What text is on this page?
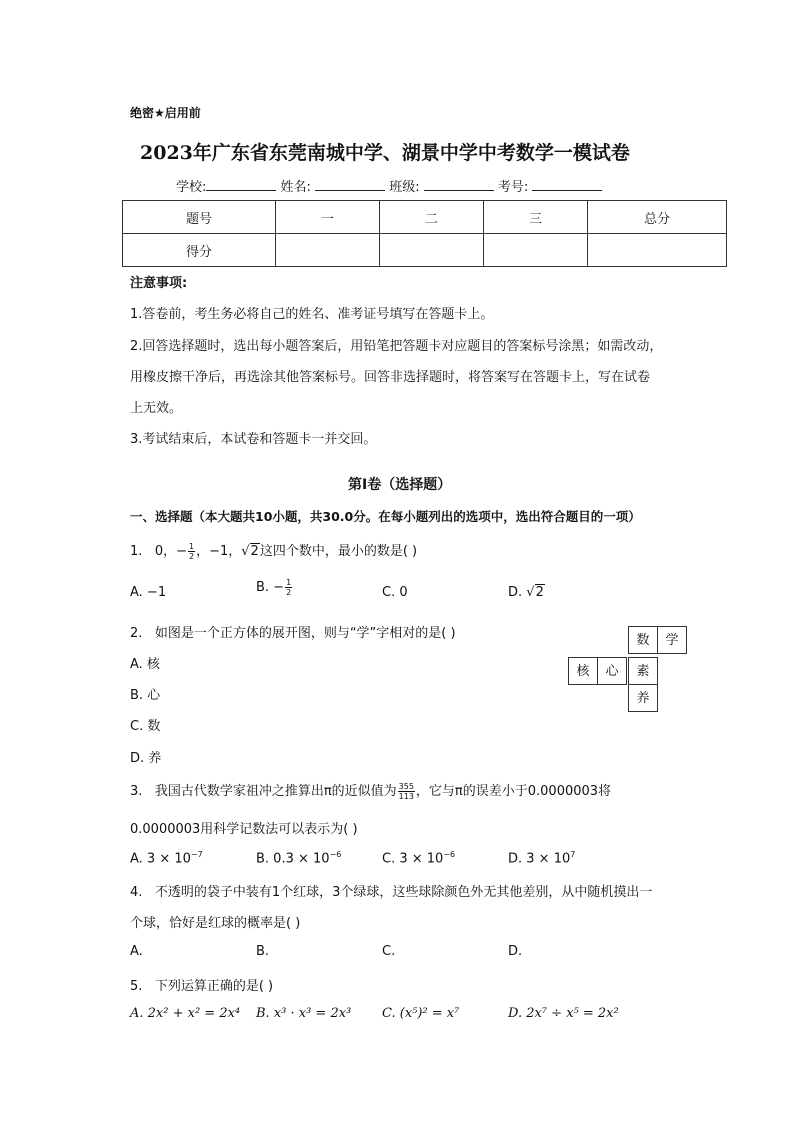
绝密★启用前
2023年广东省东莞南城中学、湖景中学中考数学一模试卷
学校:	姓名:	班级:	考号:
题号	一	二	三	总分
得分				
注意事项:
1.答卷前，考生务必将自己的姓名、准考证号填写在答题卡上。
2.回答选择题时，选出每小题答案后，用铅笔把答题卡对应题目的答案标号涂黑；如需改动，
用橡皮擦干净后，再选涂其他答案标号。回答非选择题时，将答案写在答题卡上，写在试卷
上无效。
3.考试结束后，本试卷和答题卡一并交回。
第I卷（选择题）
一、选择题（本大题共10小题，共30.0分。在每小题列出的选项中，选出符合题目的一项）
1. 0，− $\frac{1}{2}$ ，−1，√2这四个数中，最小的数是( )
A. −1	B. − $\frac{1}{2}$	C. 0	D. √2
2. 如图是一个正方体的展开图，则与“学”字相对的是( )
A. 核
B. 心
C. 数
D. 养
数	学
核	心	素
养
3. 我国古代数学家祖冲之推算出π的近似值为 $\frac{355}{113}$ ，它与π的误差小于0.0000003将
0.0000003用科学记数法可以表示为( )
A. $3 \times 10^{-7}$	B. $0.3 \times 10^{-6}$	C. $3 \times 10^{-6}$	D. $3 \times 10^7$
4. 不透明的袋子中装有1个红球，3个绿球，这些球除颜色外无其他差别，从中随机摸出一
个球，恰好是红球的概率是( )
A.	B.	C.	D.
5. 下列运算正确的是( )
A. 2x² + x² = 2x⁴ B. x³ · x³ = 2x³ C. (x⁵)² = x⁷	D. 2x⁷ ÷ x⁵ = 2x²
